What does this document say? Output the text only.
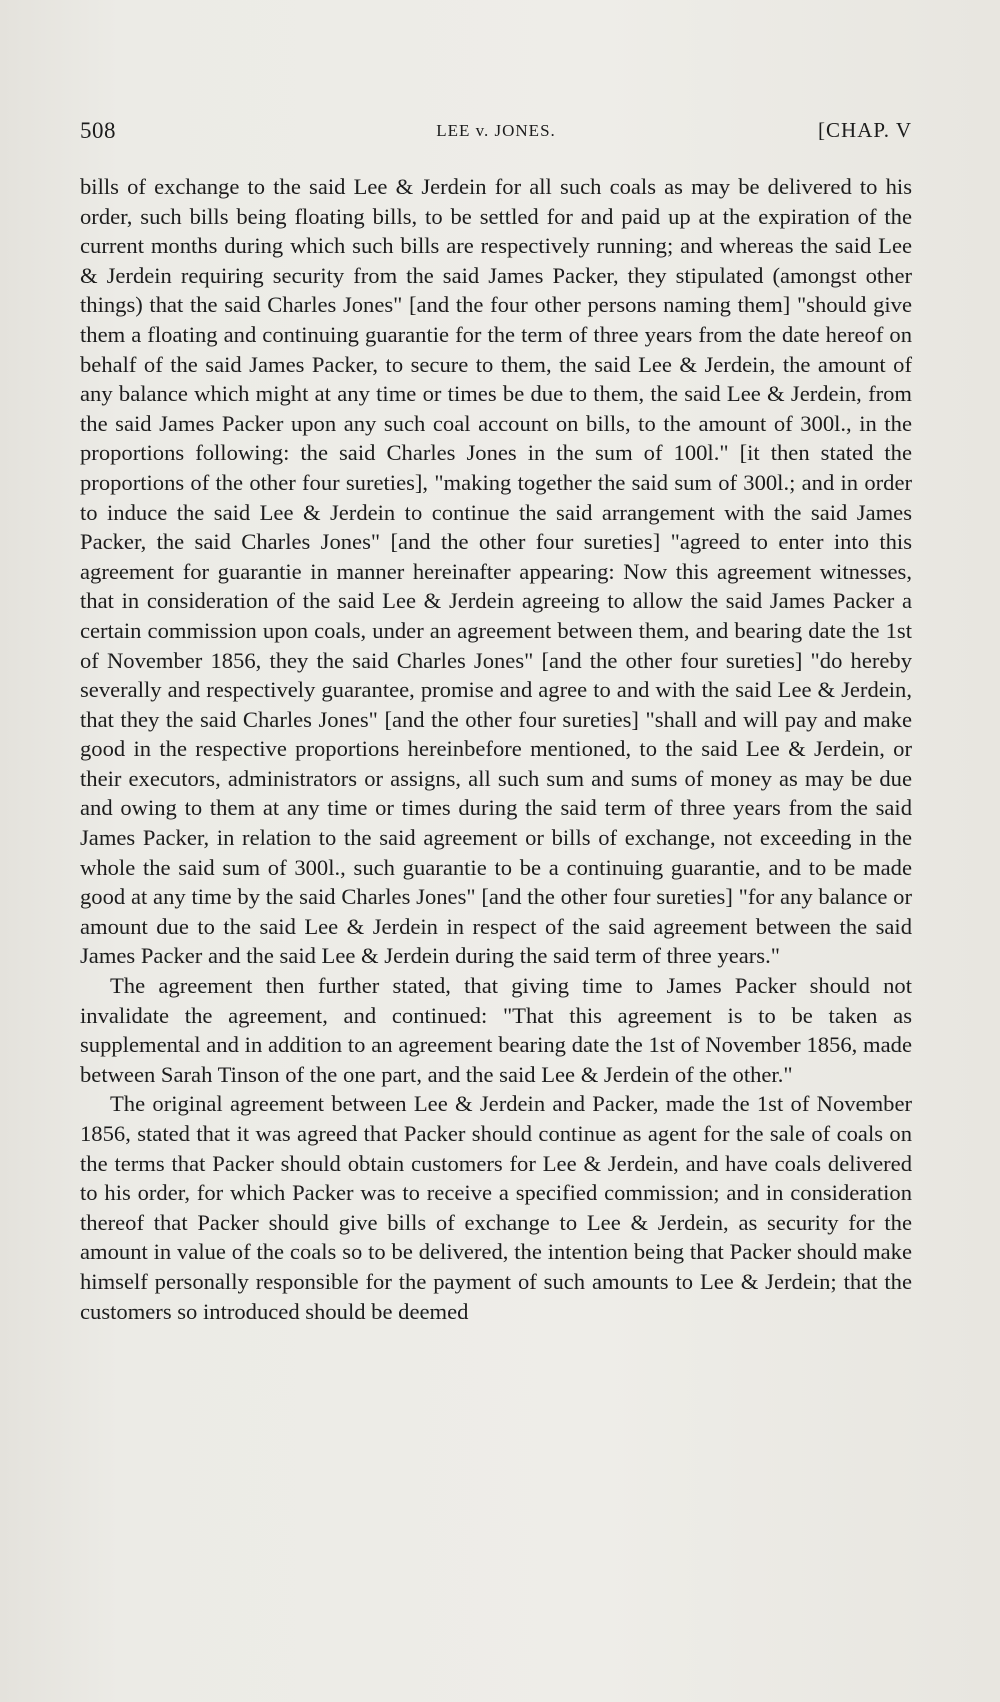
508	LEE v. JONES.	[CHAP. V

bills of exchange to the said Lee & Jerdein for all such coals as may be delivered to his order, such bills being floating bills, to be settled for and paid up at the expiration of the current months during which such bills are respectively running; and whereas the said Lee & Jerdein requiring security from the said James Packer, they stipulated (amongst other things) that the said Charles Jones" [and the four other persons naming them] "should give them a floating and continuing guarantie for the term of three years from the date hereof on behalf of the said James Packer, to secure to them, the said Lee & Jerdein, the amount of any balance which might at any time or times be due to them, the said Lee & Jerdein, from the said James Packer upon any such coal account on bills, to the amount of 300l., in the proportions following: the said Charles Jones in the sum of 100l." [it then stated the proportions of the other four sureties], "making together the said sum of 300l.; and in order to induce the said Lee & Jerdein to continue the said arrangement with the said James Packer, the said Charles Jones" [and the other four sureties] "agreed to enter into this agreement for guarantie in manner hereinafter appearing: Now this agreement witnesses, that in consideration of the said Lee & Jerdein agreeing to allow the said James Packer a certain commission upon coals, under an agreement between them, and bearing date the 1st of November 1856, they the said Charles Jones" [and the other four sureties] "do hereby severally and respectively guarantee, promise and agree to and with the said Lee & Jerdein, that they the said Charles Jones" [and the other four sureties] "shall and will pay and make good in the respective proportions hereinbefore mentioned, to the said Lee & Jerdein, or their executors, administrators or assigns, all such sum and sums of money as may be due and owing to them at any time or times during the said term of three years from the said James Packer, in relation to the said agreement or bills of exchange, not exceeding in the whole the said sum of 300l., such guarantie to be a continuing guarantie, and to be made good at any time by the said Charles Jones" [and the other four sureties] "for any balance or amount due to the said Lee & Jerdein in respect of the said agreement between the said James Packer and the said Lee & Jerdein during the said term of three years."

The agreement then further stated, that giving time to James Packer should not invalidate the agreement, and continued: "That this agreement is to be taken as supplemental and in addition to an agreement bearing date the 1st of November 1856, made between Sarah Tinson of the one part, and the said Lee & Jerdein of the other."

The original agreement between Lee & Jerdein and Packer, made the 1st of November 1856, stated that it was agreed that Packer should continue as agent for the sale of coals on the terms that Packer should obtain customers for Lee & Jerdein, and have coals delivered to his order, for which Packer was to receive a specified commission; and in consideration thereof that Packer should give bills of exchange to Lee & Jerdein, as security for the amount in value of the coals so to be delivered, the intention being that Packer should make himself personally responsible for the payment of such amounts to Lee & Jerdein; that the customers so introduced should be deemed
